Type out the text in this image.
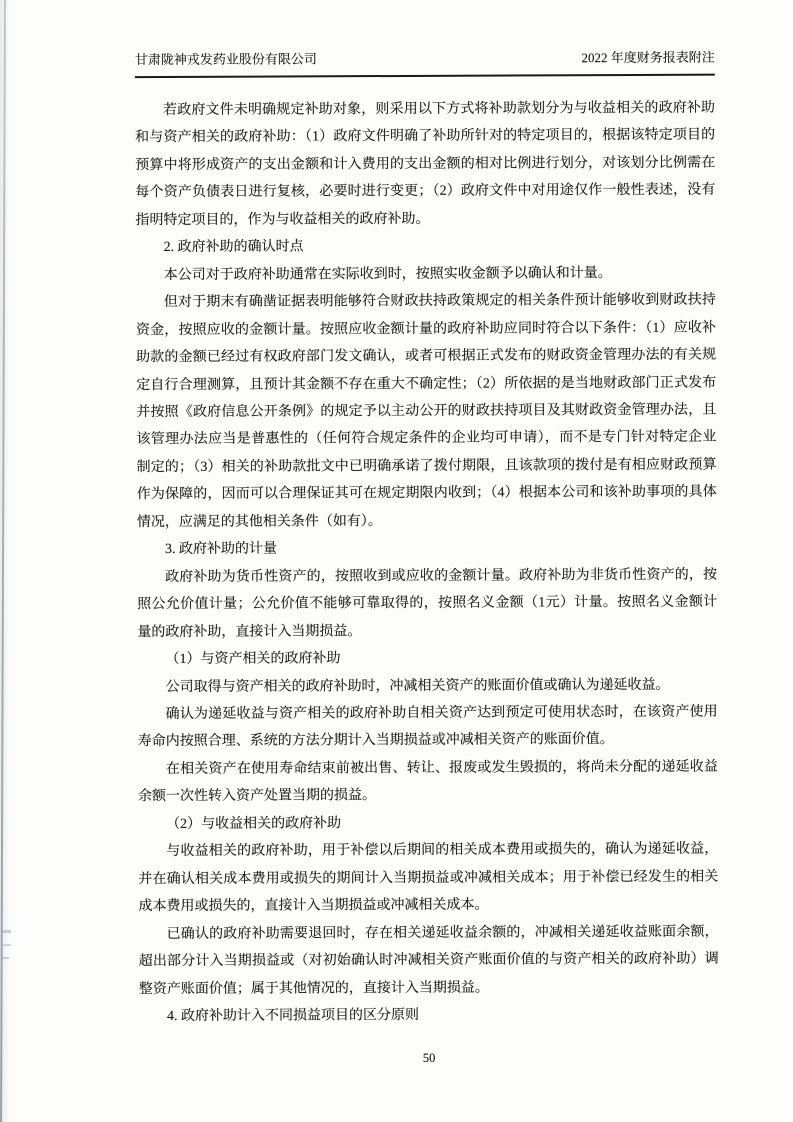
甘肃陇神戎发药业股份有限公司	2022 年度财务报表附注

若政府文件未明确规定补助对象，则采用以下方式将补助款划分为与收益相关的政府补助和与资产相关的政府补助：（1）政府文件明确了补助所针对的特定项目的，根据该特定项目的预算中将形成资产的支出金额和计入费用的支出金额的相对比例进行划分，对该划分比例需在每个资产负债表日进行复核，必要时进行变更；（2）政府文件中对用途仅作一般性表述，没有指明特定项目的，作为与收益相关的政府补助。

2. 政府补助的确认时点

本公司对于政府补助通常在实际收到时，按照实收金额予以确认和计量。

但对于期末有确凿证据表明能够符合财政扶持政策规定的相关条件预计能够收到财政扶持资金，按照应收的金额计量。按照应收金额计量的政府补助应同时符合以下条件：（1）应收补助款的金额已经过有权政府部门发文确认，或者可根据正式发布的财政资金管理办法的有关规定自行合理测算，且预计其金额不存在重大不确定性；（2）所依据的是当地财政部门正式发布并按照《政府信息公开条例》的规定予以主动公开的财政扶持项目及其财政资金管理办法，且该管理办法应当是普惠性的（任何符合规定条件的企业均可申请），而不是专门针对特定企业制定的；（3）相关的补助款批文中已明确承诺了拨付期限，且该款项的拨付是有相应财政预算作为保障的，因而可以合理保证其可在规定期限内收到；（4）根据本公司和该补助事项的具体情况，应满足的其他相关条件（如有）。

3. 政府补助的计量

政府补助为货币性资产的，按照收到或应收的金额计量。政府补助为非货币性资产的，按照公允价值计量；公允价值不能够可靠取得的，按照名义金额（1元）计量。按照名义金额计量的政府补助，直接计入当期损益。

（1）与资产相关的政府补助

公司取得与资产相关的政府补助时，冲减相关资产的账面价值或确认为递延收益。

确认为递延收益与资产相关的政府补助自相关资产达到预定可使用状态时，在该资产使用寿命内按照合理、系统的方法分期计入当期损益或冲减相关资产的账面价值。

在相关资产在使用寿命结束前被出售、转让、报废或发生毁损的，将尚未分配的递延收益余额一次性转入资产处置当期的损益。

（2）与收益相关的政府补助

与收益相关的政府补助，用于补偿以后期间的相关成本费用或损失的，确认为递延收益，并在确认相关成本费用或损失的期间计入当期损益或冲减相关成本；用于补偿已经发生的相关成本费用或损失的，直接计入当期损益或冲减相关成本。

已确认的政府补助需要退回时，存在相关递延收益余额的，冲减相关递延收益账面余额，超出部分计入当期损益或（对初始确认时冲减相关资产账面价值的与资产相关的政府补助）调整资产账面价值；属于其他情况的，直接计入当期损益。

4. 政府补助计入不同损益项目的区分原则

50
